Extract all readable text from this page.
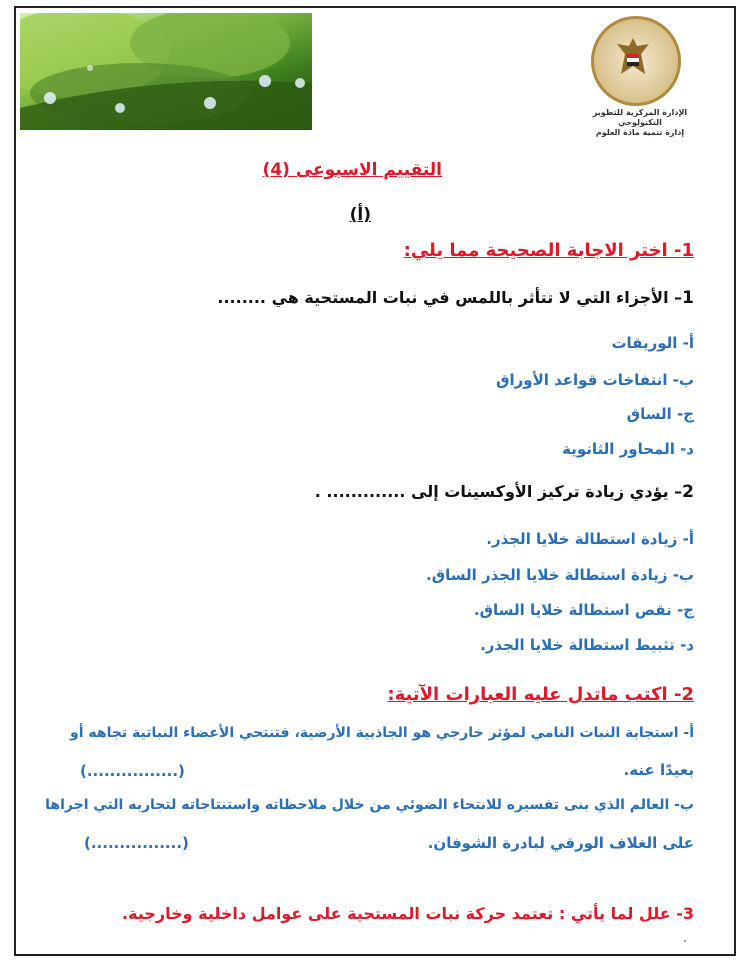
الإدارة المركزية للتطوير التكنولوجي
إدارة تنمية مادة العلوم
التقييم الاسبوعى (4)
(أ)
1- اختر الاجابة الصحيحة مما يلي:
1– الأجزاء التي لا تتأثر باللمس في نبات المستحية هي ........
أ- الوريقات
ب- انتفاخات قواعد الأوراق
ج- الساق
د- المحاور الثانوية
2– يؤدي زيادة تركيز الأوكسينات إلى ............. .
أ- زيادة استطالة خلايا الجذر.
ب- زيادة استطالة خلايا الجذر الساق.
ج- نقص استطالة خلايا الساق.
د- تثبيط استطالة خلايا الجذر.
2- اكتب ماتدل عليه العبارات الآتية:
أ- استجابة النبات النامي لمؤثر خارجي هو الجاذبية الأرضية، فتنتحي الأعضاء النباتية تجاهه أو
بعيدًا عنه.
(................)
ب- العالم الذي بنى تفسيره للانتحاء الضوئي من خلال ملاحظاته واستنتاجاته لتجاربه التي اجراها
على الغلاف الورقي لبادرة الشوفان.
(................)
3- علل لما يأتي : تعتمد حركة نبات المستحية على عوامل داخلية وخارجية.
